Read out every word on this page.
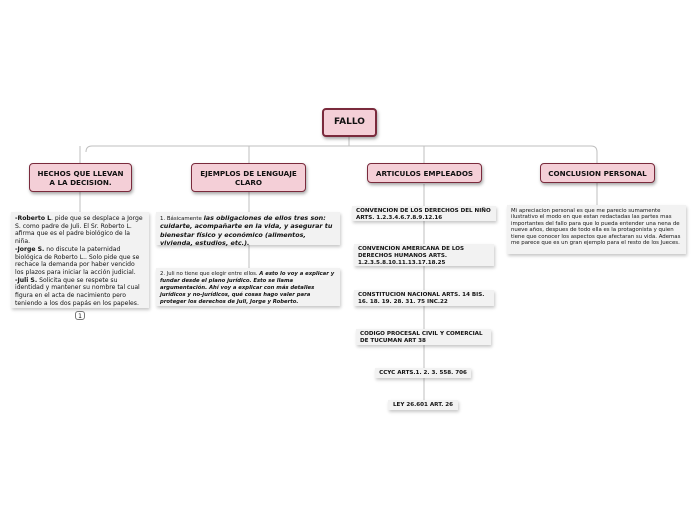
FALLO
HECHOS QUE LLEVAN A LA DECISION.
EJEMPLOS DE LENGUAJE CLARO
ARTICULOS EMPLEADOS	CONCLUSION PERSONAL
-Roberto L. pide que se desplace a Jorge S. como padre de Juli. El Sr. Roberto L. afirma que es el padre biológico de la niña.
-Jorge S. no discute la paternidad biológica de Roberto L.. Solo pide que se rechace la demanda por haber vencido los plazos para iniciar la acción judicial.
-Juli S. Solicita que se respete su identidad y mantener su nombre tal cual figura en el acta de nacimiento pero teniendo a los dos papás en los papeles.
1
1. Básicamente las obligaciones de ellos tres son: cuidarte, acompañarte en la vida, y asegurar tu bienestar físico y económico (alimentos, vivienda, estudios, etc.).
2. Juli no tiene que elegir entre ellos. A esto lo voy a explicar y fundar desde el plano jurídico. Esto se llama argumentación. Ahí voy a explicar con más detalles jurídicos y no-jurídicos, qué cosas hago valer para proteger los derechos de Juli, Jorge y Roberto.
CONVENCION DE LOS DERECHOS DEL NIÑO ARTS. 1.2.3.4.6.7.8.9.12.16
CONVENCION AMERICANA DE LOS DERECHOS HUMANOS ARTS. 1.2.3.5.8.10.11.13.17.18.25
CONSTITUCION NACIONAL ARTS. 14 BIS. 16. 18. 19. 28. 31. 75 INC.22
CODIGO PROCESAL CIVIL Y COMERCIAL DE TUCUMAN ART 38
CCYC ARTS.1. 2. 3. 558. 706
LEY 26.601 ART. 26
Mi apreciacion personal es que me parecio sumamente ilustrativo el modo en que estan redactadas las partes mas importantes del fallo para que lo pueda entender una nena de nueve años, despues de todo ella es la protagonista y quien tiene que conocer los aspectos que afectaran su vida. Ademas me parece que es un gran ejemplo para el resto de los Jueces.
